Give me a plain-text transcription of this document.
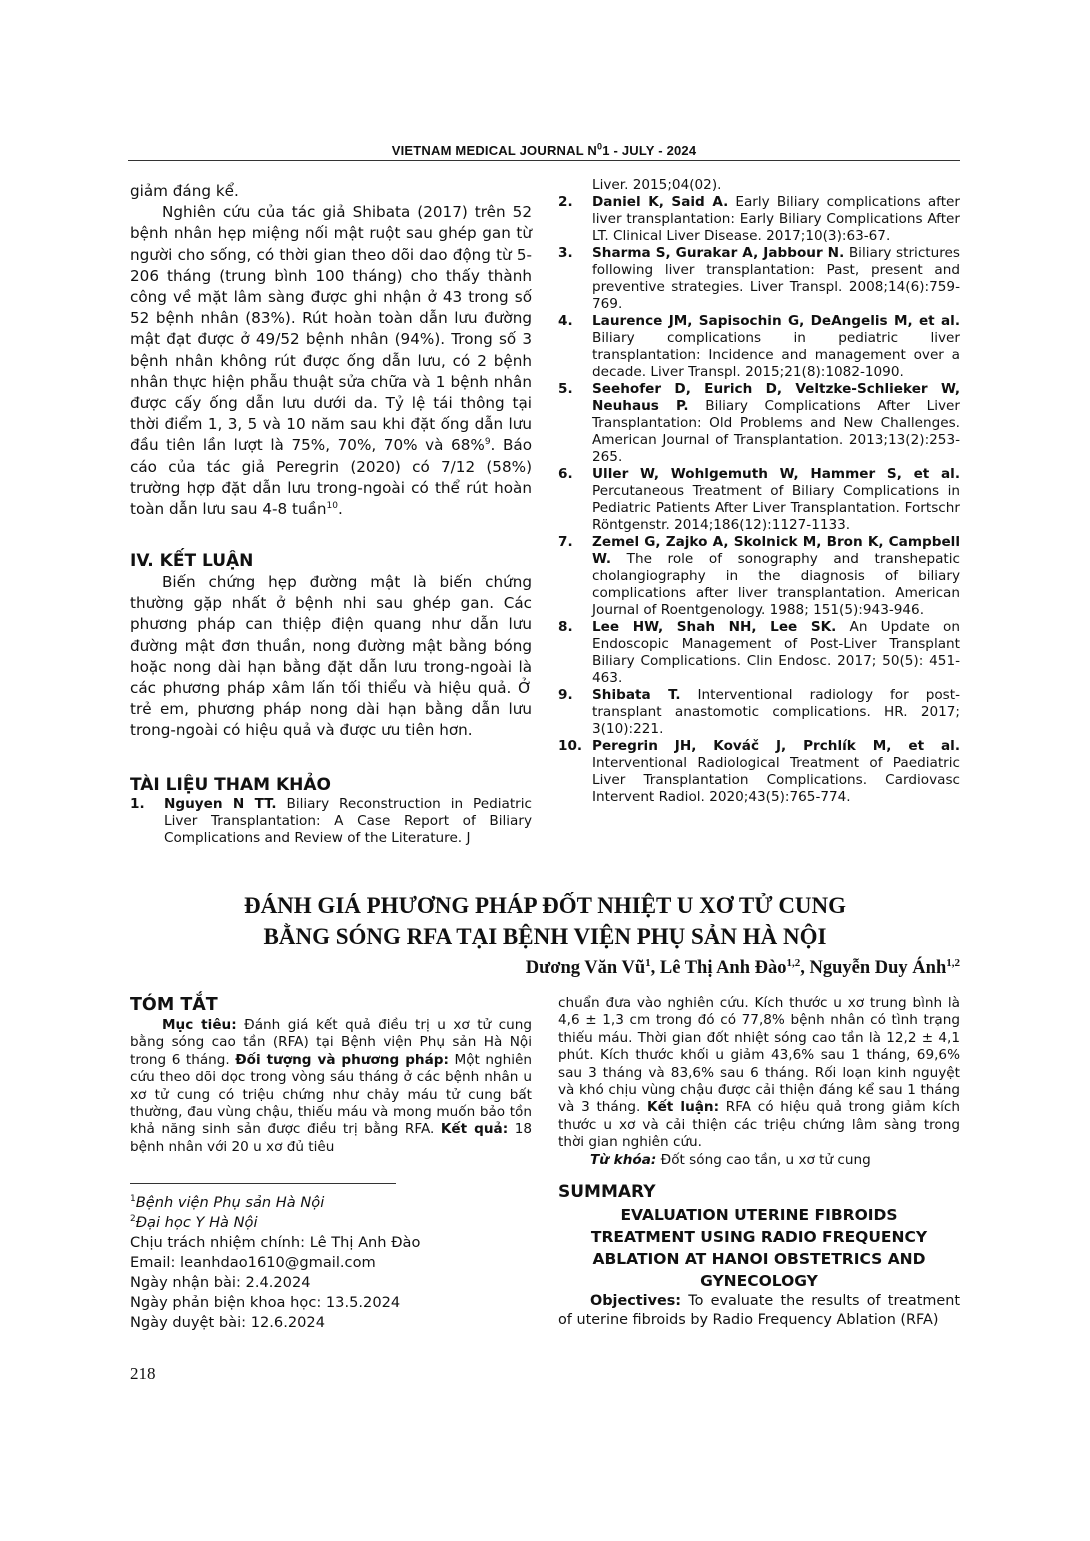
VIETNAM MEDICAL JOURNAL $N^01$ - JULY - 2024

giảm đáng kể.

Nghiên cứu của tác giả Shibata (2017) trên 52 bệnh nhân hẹp miệng nối mật ruột sau ghép gan từ người cho sống, có thời gian theo dõi dao động từ 5-206 tháng (trung bình 100 tháng) cho thấy thành công về mặt lâm sàng được ghi nhận ở 43 trong số 52 bệnh nhân (83%). Rút hoàn toàn dẫn lưu đường mật đạt được ở 49/52 bệnh nhân (94%). Trong số 3 bệnh nhân không rút được ống dẫn lưu, có 2 bệnh nhân thực hiện phẫu thuật sửa chữa và 1 bệnh nhân được cấy ống dẫn lưu dưới da. Tỷ lệ tái thông tại thời điểm 1, 3, 5 và 10 năm sau khi đặt ống dẫn lưu đầu tiên lần lượt là 75%, 70%, 70% và 68%$^9$. Báo cáo của tác giả Peregrin (2020) có 7/12 (58%) trường hợp đặt dẫn lưu trong-ngoài có thể rút hoàn toàn dẫn lưu sau 4-8 tuần$^{10}$.

IV. KẾT LUẬN

Biến chứng hẹp đường mật là biến chứng thường gặp nhất ở bệnh nhi sau ghép gan. Các phương pháp can thiệp điện quang như dẫn lưu đường mật đơn thuần, nong đường mật bằng bóng hoặc nong dài hạn bằng đặt dẫn lưu trong-ngoài là các phương pháp xâm lấn tối thiểu và hiệu quả. Ở trẻ em, phương pháp nong dài hạn bằng dẫn lưu trong-ngoài có hiệu quả và được ưu tiên hơn.

TÀI LIỆU THAM KHẢO

1.	Nguyen N TT. Biliary Reconstruction in Pediatric Liver Transplantation: A Case Report of Biliary Complications and Review of the Literature. J
Liver. 2015;04(02).
2.	Daniel K, Said A. Early Biliary complications after liver transplantation: Early Biliary Complications After LT. Clinical Liver Disease. 2017;10(3):63-67.
3.	Sharma S, Gurakar A, Jabbour N. Biliary strictures following liver transplantation: Past, present and preventive strategies. Liver Transpl. 2008;14(6):759-769.
4.	Laurence JM, Sapisochin G, DeAngelis M, et al. Biliary complications in pediatric liver transplantation: Incidence and management over a decade. Liver Transpl. 2015;21(8):1082-1090.
5.	Seehofer D, Eurich D, Veltzke-Schlieker W, Neuhaus P. Biliary Complications After Liver Transplantation: Old Problems and New Challenges. American Journal of Transplantation. 2013;13(2):253-265.
6.	Uller W, Wohlgemuth W, Hammer S, et al. Percutaneous Treatment of Biliary Complications in Pediatric Patients After Liver Transplantation. Fortschr Röntgenstr. 2014;186(12):1127-1133.
7.	Zemel G, Zajko A, Skolnick M, Bron K, Campbell W. The role of sonography and transhepatic cholangiography in the diagnosis of biliary complications after liver transplantation. American Journal of Roentgenology. 1988; 151(5):943-946.
8.	Lee HW, Shah NH, Lee SK. An Update on Endoscopic Management of Post-Liver Transplant Biliary Complications. Clin Endosc. 2017; 50(5): 451-463.
9.	Shibata T. Interventional radiology for post-transplant anastomotic complications. HR. 2017; 3(10):221.
10. Peregrin JH, Kováč J, Prchlík M, et al. Interventional Radiological Treatment of Paediatric Liver Transplantation Complications. Cardiovasc Intervent Radiol. 2020;43(5):765-774.
ĐÁNH GIÁ PHƯƠNG PHÁP ĐỐT NHIỆT U XƠ TỬ CUNG
BẰNG SÓNG RFA TẠI BỆNH VIỆN PHỤ SẢN HÀ NỘI
Dương Văn $Vũ^1$, Lê Thị Anh Đào$^{1,2}$, Nguyễn Duy Ánh$^{1,2}$

TÓM TẮT

Mục tiêu: Đánh giá kết quả điều trị u xơ tử cung bằng sóng cao tần (RFA) tại Bệnh viện Phụ sản Hà Nội trong 6 tháng. Đối tượng và phương pháp: Một nghiên cứu theo dõi dọc trong vòng sáu tháng ở các bệnh nhân u xơ tử cung có triệu chứng như chảy máu tử cung bất thường, đau vùng chậu, thiếu máu và mong muốn bảo tồn khả năng sinh sản được điều trị bằng RFA. Kết quả: 18 bệnh nhân với 20 u xơ đủ tiêu

$^1$Bệnh viện Phụ sản Hà Nội
$^2$Đại học Y Hà Nội
Chịu trách nhiệm chính: Lê Thị Anh Đào
Email: leanhdao1610@gmail.com
Ngày nhận bài: 2.4.2024
Ngày phản biện khoa học: 13.5.2024
Ngày duyệt bài: 12.6.2024

chuẩn đưa vào nghiên cứu. Kích thước u xơ trung bình là 4,6 ± 1,3 cm trong đó có 77,8% bệnh nhân có tình trạng thiếu máu. Thời gian đốt nhiệt sóng cao tần là 12,2 ± 4,1 phút. Kích thước khối u giảm 43,6% sau 1 tháng, 69,6% sau 3 tháng và 83,6% sau 6 tháng. Rối loạn kinh nguyệt và khó chịu vùng chậu được cải thiện đáng kể sau 1 tháng và 3 tháng. Kết luận: RFA có hiệu quả trong giảm kích thước u xơ và cải thiện các triệu chứng lâm sàng trong thời gian nghiên cứu.

Từ khóa: Đốt sóng cao tần, u xơ tử cung

SUMMARY

EVALUATION UTERINE FIBROIDS
TREATMENT USING RADIO FREQUENCY
ABLATION AT HANOI OBSTETRICS AND
GYNECOLOGY

Objectives: To evaluate the results of treatment of uterine fibroids by Radio Frequency Ablation (RFA)

218
